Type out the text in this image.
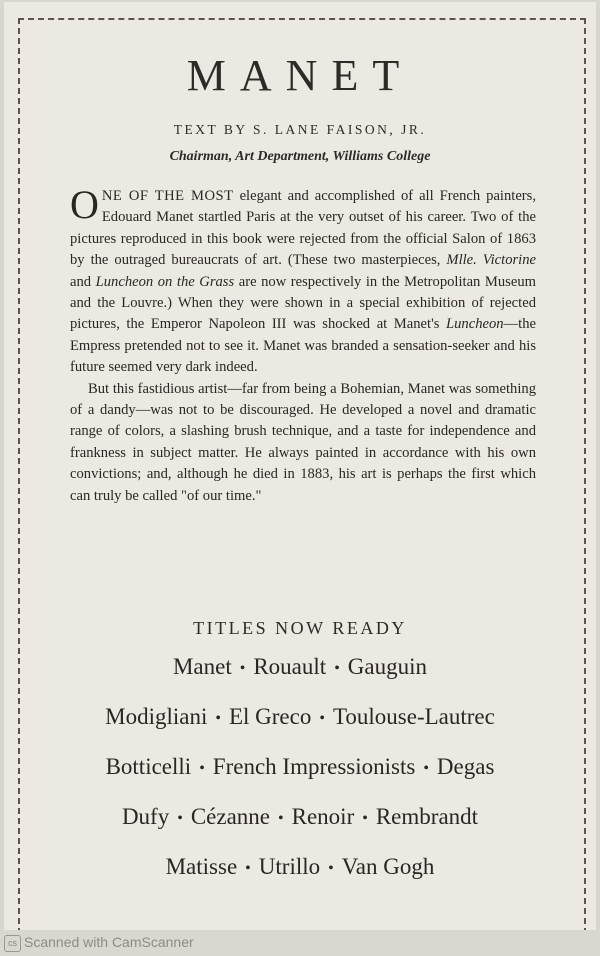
MANET
TEXT BY S. LANE FAISON, JR.
Chairman, Art Department, Williams College

ONE OF THE MOST elegant and accomplished of all French painters, Edouard Manet startled Paris at the very outset of his career. Two of the pictures reproduced in this book were rejected from the official Salon of 1863 by the outraged bureaucrats of art. (These two masterpieces, Mlle. Victorine and Luncheon on the Grass are now respectively in the Metropolitan Museum and the Louvre.) When they were shown in a special exhibition of rejected pictures, the Emperor Napoleon III was shocked at Manet's Luncheon—the Empress pretended not to see it. Manet was branded a sensation-seeker and his future seemed very dark indeed.

But this fastidious artist—far from being a Bohemian, Manet was something of a dandy—was not to be discouraged. He developed a novel and dramatic range of colors, a slashing brush technique, and a taste for independence and frankness in subject matter. He always painted in accordance with his own convictions; and, although he died in 1883, his art is perhaps the first which can truly be called "of our time."

TITLES NOW READY
Manet • Rouault • Gauguin
Modigliani • El Greco • Toulouse-Lautrec
Botticelli • French Impressionists • Degas
Dufy • Cézanne • Renoir • Rembrandt
Matisse • Utrillo • Van Gogh
cs Scanned with CamScanner
